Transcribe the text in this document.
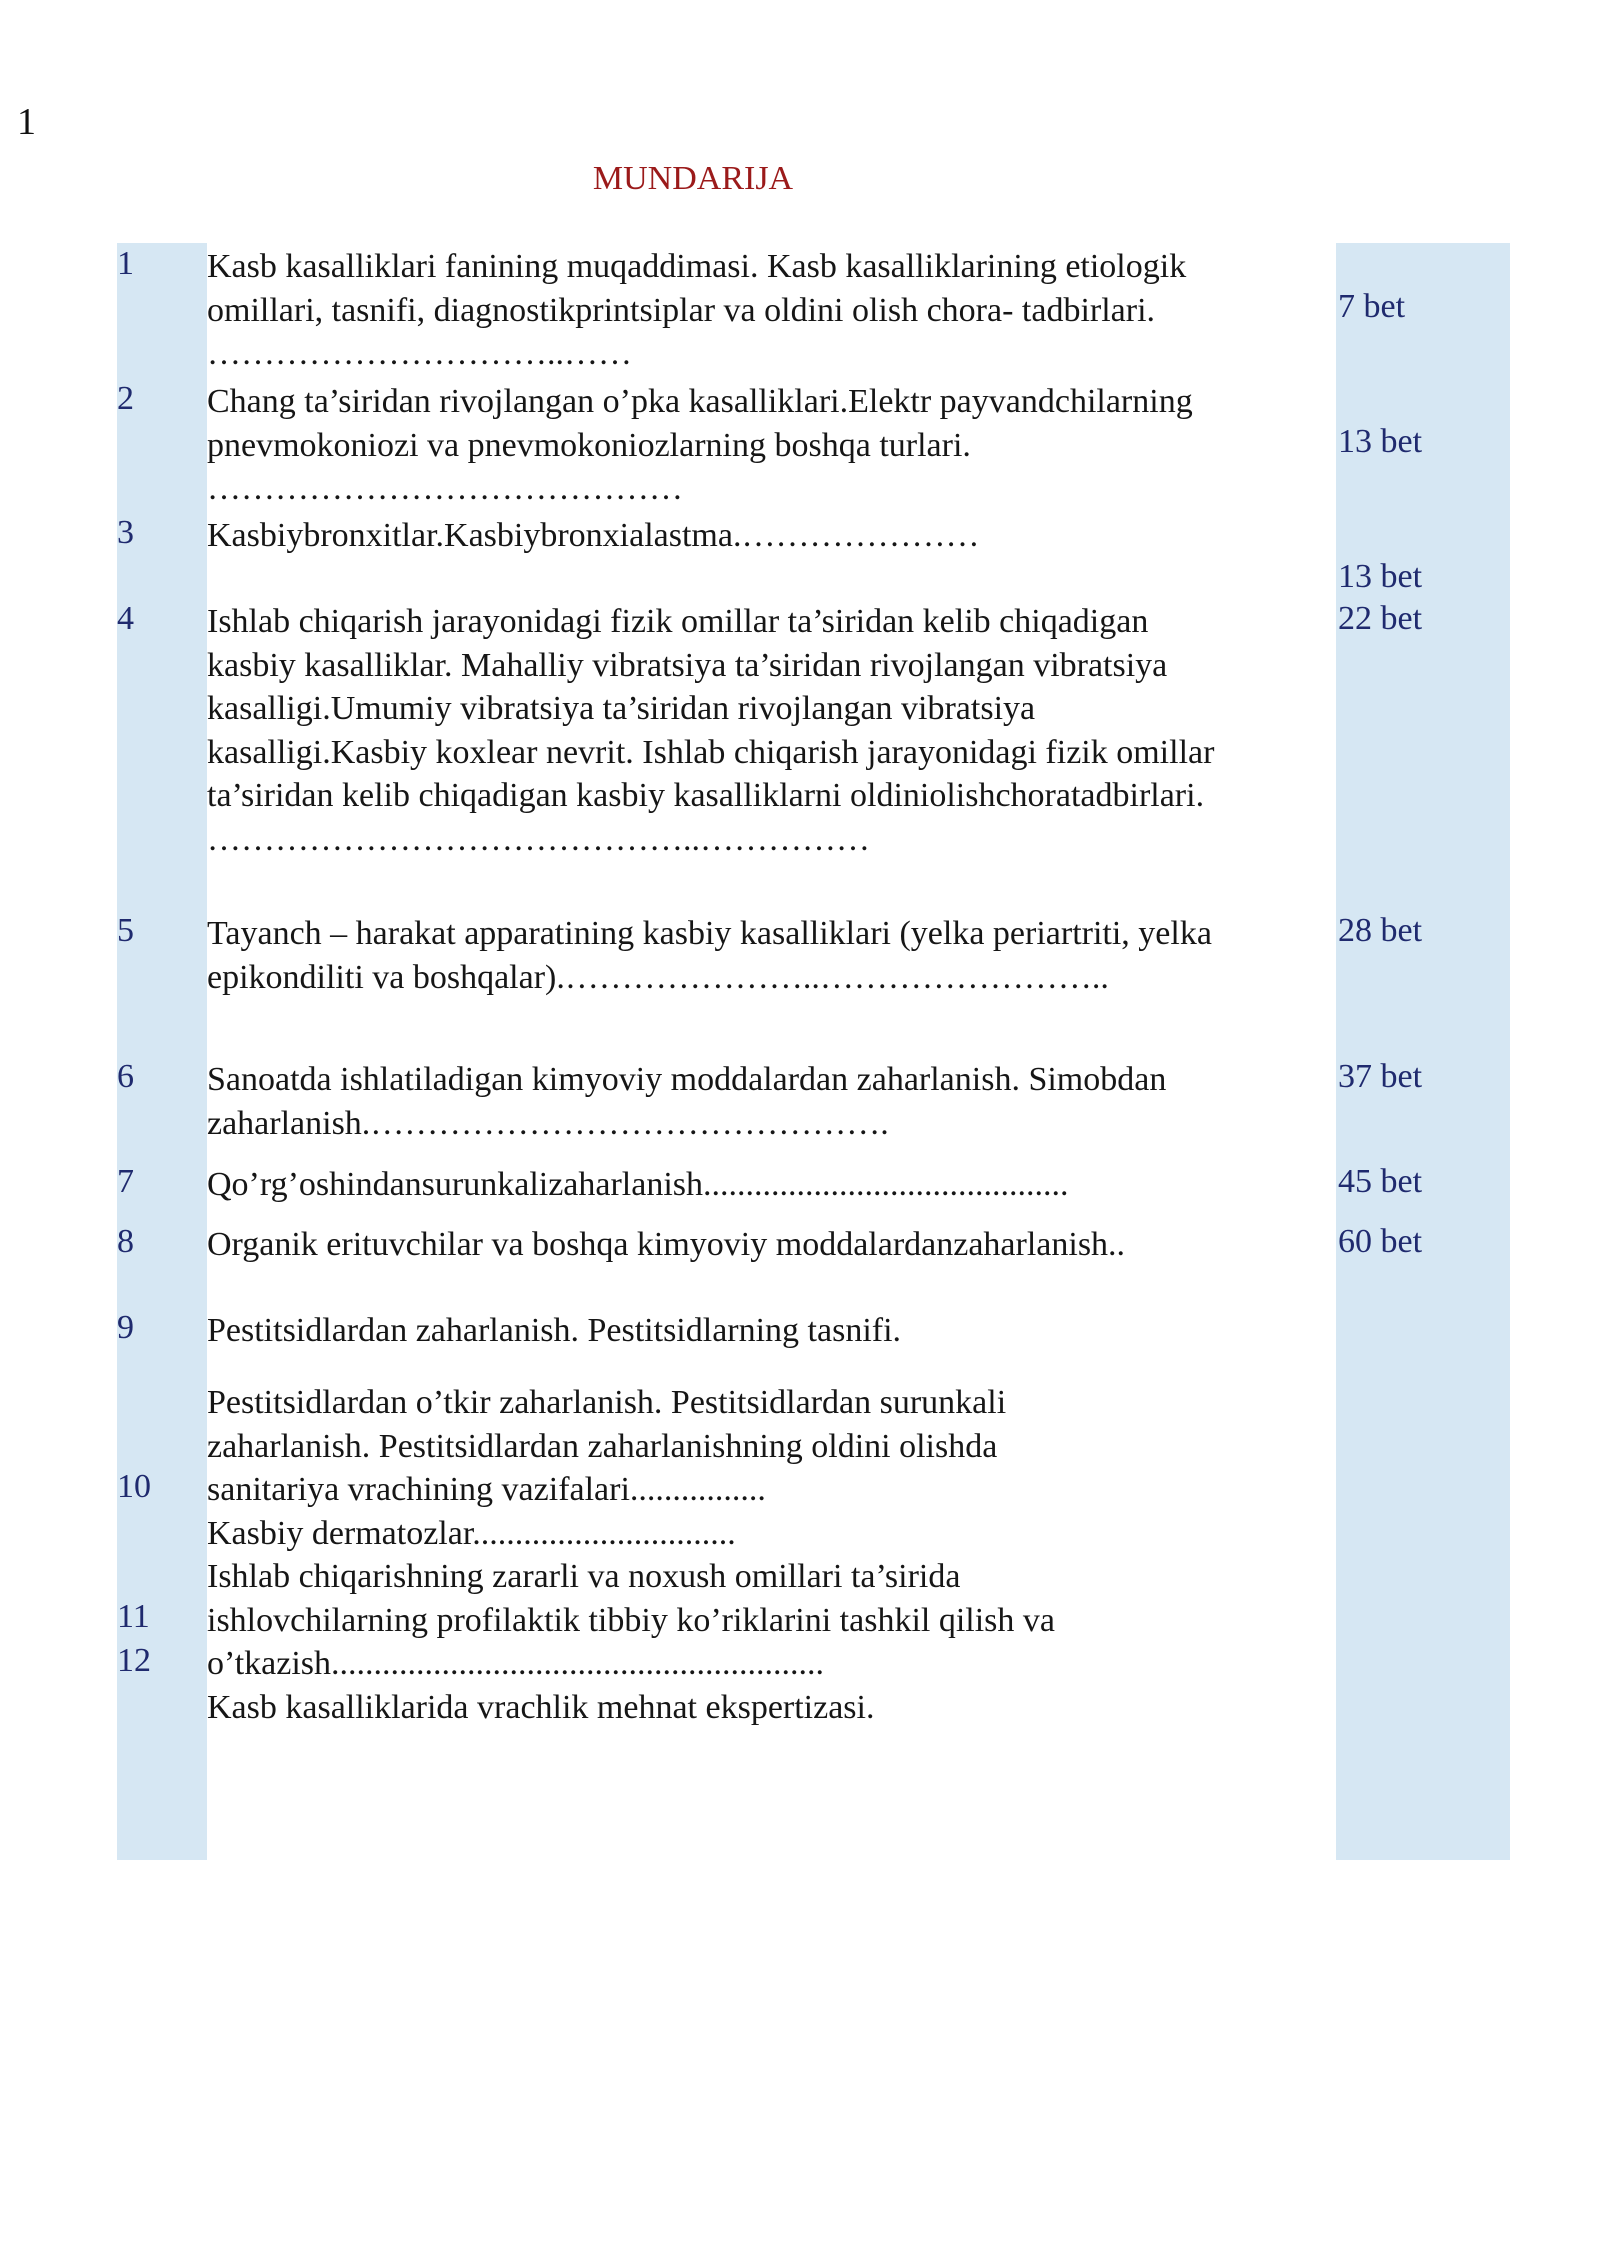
1
MUNDARIJA
1 Kasb kasalliklari fanining muqaddimasi. Kasb kasalliklarining etiologik
omillari, tasnifi, diagnostikprintsiplar va oldini olish chora- tadbirlari.
…………………………..……
7 bet
2 Chang ta’siridan rivojlangan o’pka kasalliklari.Elektr payvandchilarning
pnevmokoniozi va pnevmokoniozlarning boshqa turlari.
……………………………………
13 bet
3 Kasbiybronxitlar.Kasbiybronxialastma.…………………
13 bet
4 Ishlab chiqarish jarayonidagi fizik omillar ta’siridan kelib chiqadigan
kasbiy kasalliklar. Mahalliy vibratsiya ta’siridan rivojlangan vibratsiya
kasalligi.Umumiy vibratsiya ta’siridan rivojlangan vibratsiya
kasalligi.Kasbiy koxlear nevrit. Ishlab chiqarish jarayonidagi fizik omillar
ta’siridan kelib chiqadigan kasbiy kasalliklarni oldiniolishchoratadbirlari.
……………………………………..……………
22 bet
5 Tayanch – harakat apparatining kasbiy kasalliklari (yelka periartriti, yelka
epikondiliti va boshqalar).…………………..……………………..
28 bet
6 Sanoatda ishlatiladigan kimyoviy moddalardan zaharlanish. Simobdan
zaharlanish.……………………………………….
37 bet
7 Qo’rg’oshindansurunkalizaharlanish...........................................	45 bet
8 Organik erituvchilar va boshqa kimyoviy moddalardanzaharlanish..	60 bet
9 Pestitsidlardan zaharlanish. Pestitsidlarning tasnifi.
10
Pestitsidlardan o’tkir zaharlanish. Pestitsidlardan surunkali
zaharlanish. Pestitsidlardan zaharlanishning oldini olishda
sanitariya vrachining vazifalari................
Kasbiy dermatozlar...............................
11
Ishlab chiqarishning zararli va noxush omillari ta’sirida
ishlovchilarning profilaktik tibbiy ko’riklarini tashkil qilish va
12 o’tkazish..........................................................
Kasb kasalliklarida vrachlik mehnat ekspertizasi.
